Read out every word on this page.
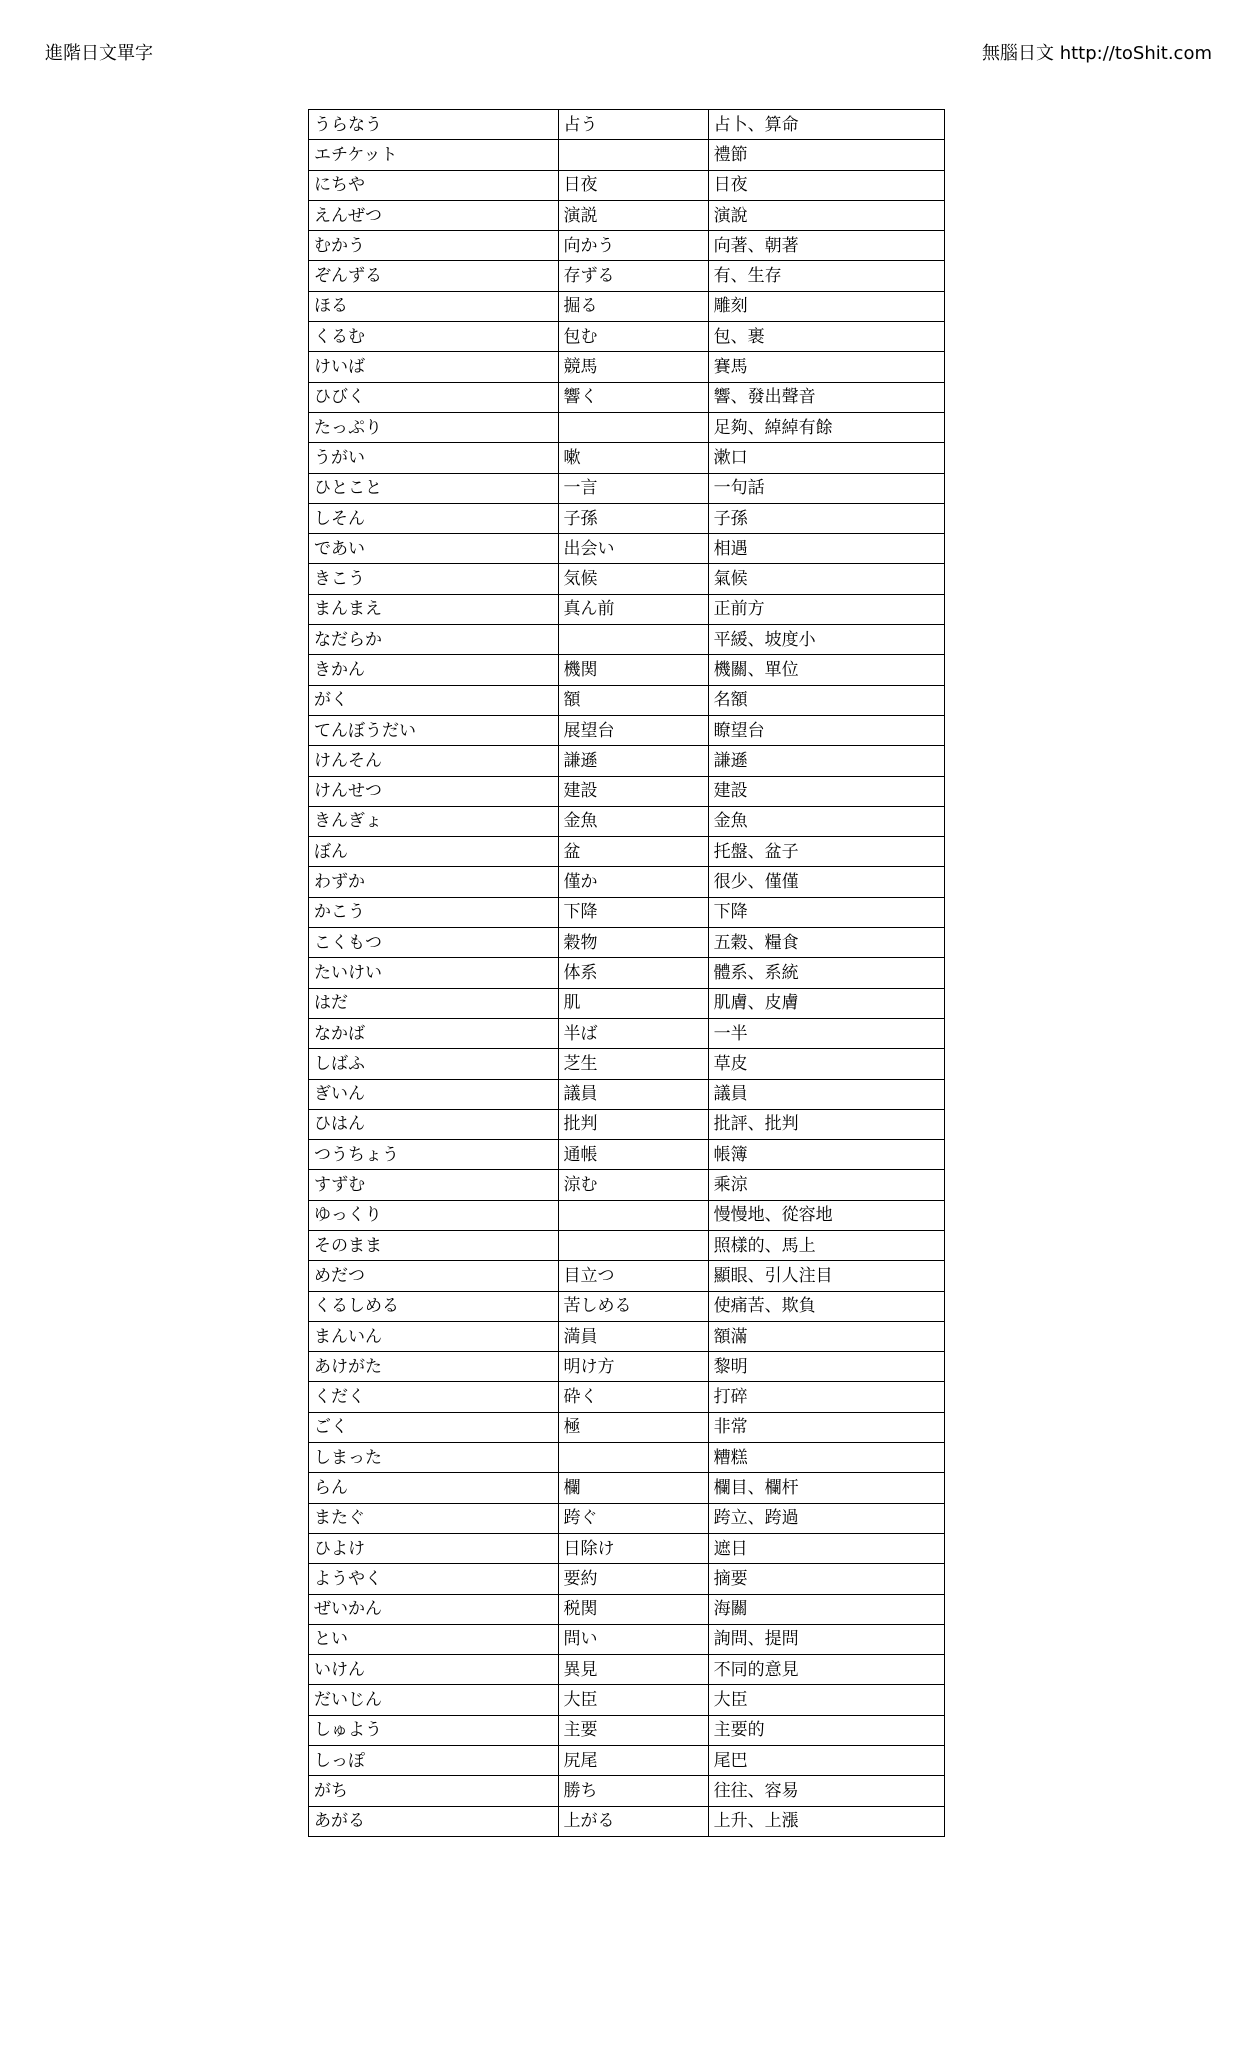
進階日文單字	無腦日文 http://toShit.com
うらなう	占う	占卜、算命
エチケット		禮節
にちや	日夜	日夜
えんぜつ	演説	演說
むかう	向かう	向著、朝著
ぞんずる	存ずる	有、生存
ほる	掘る	雕刻
くるむ	包む	包、裹
けいば	競馬	賽馬
ひびく	響く	響、發出聲音
たっぷり		足夠、綽綽有餘
うがい	嗽	漱口
ひとこと	一言	一句話
しそん	子孫	子孫
であい	出会い	相遇
きこう	気候	氣候
まんまえ	真ん前	正前方
なだらか		平緩、坡度小
きかん	機関	機關、單位
がく	額	名額
てんぼうだい	展望台	瞭望台
けんそん	謙遜	謙遜
けんせつ	建設	建設
きんぎょ	金魚	金魚
ぼん	盆	托盤、盆子
わずか	僅か	很少、僅僅
かこう	下降	下降
こくもつ	穀物	五穀、糧食
たいけい	体系	體系、系統
はだ	肌	肌膚、皮膚
なかば	半ば	一半
しばふ	芝生	草皮
ぎいん	議員	議員
ひはん	批判	批評、批判
つうちょう	通帳	帳簿
すずむ	涼む	乘涼
ゆっくり		慢慢地、從容地
そのまま		照樣的、馬上
めだつ	目立つ	顯眼、引人注目
くるしめる	苦しめる	使痛苦、欺負
まんいん	満員	額滿
あけがた	明け方	黎明
くだく	砕く	打碎
ごく	極	非常
しまった		糟糕
らん	欄	欄目、欄杆
またぐ	跨ぐ	跨立、跨過
ひよけ	日除け	遮日
ようやく	要約	摘要
ぜいかん	税関	海關
とい	問い	詢問、提問
いけん	異見	不同的意見
だいじん	大臣	大臣
しゅよう	主要	主要的
しっぽ	尻尾	尾巴
がち	勝ち	往往、容易
あがる	上がる	上升、上漲
